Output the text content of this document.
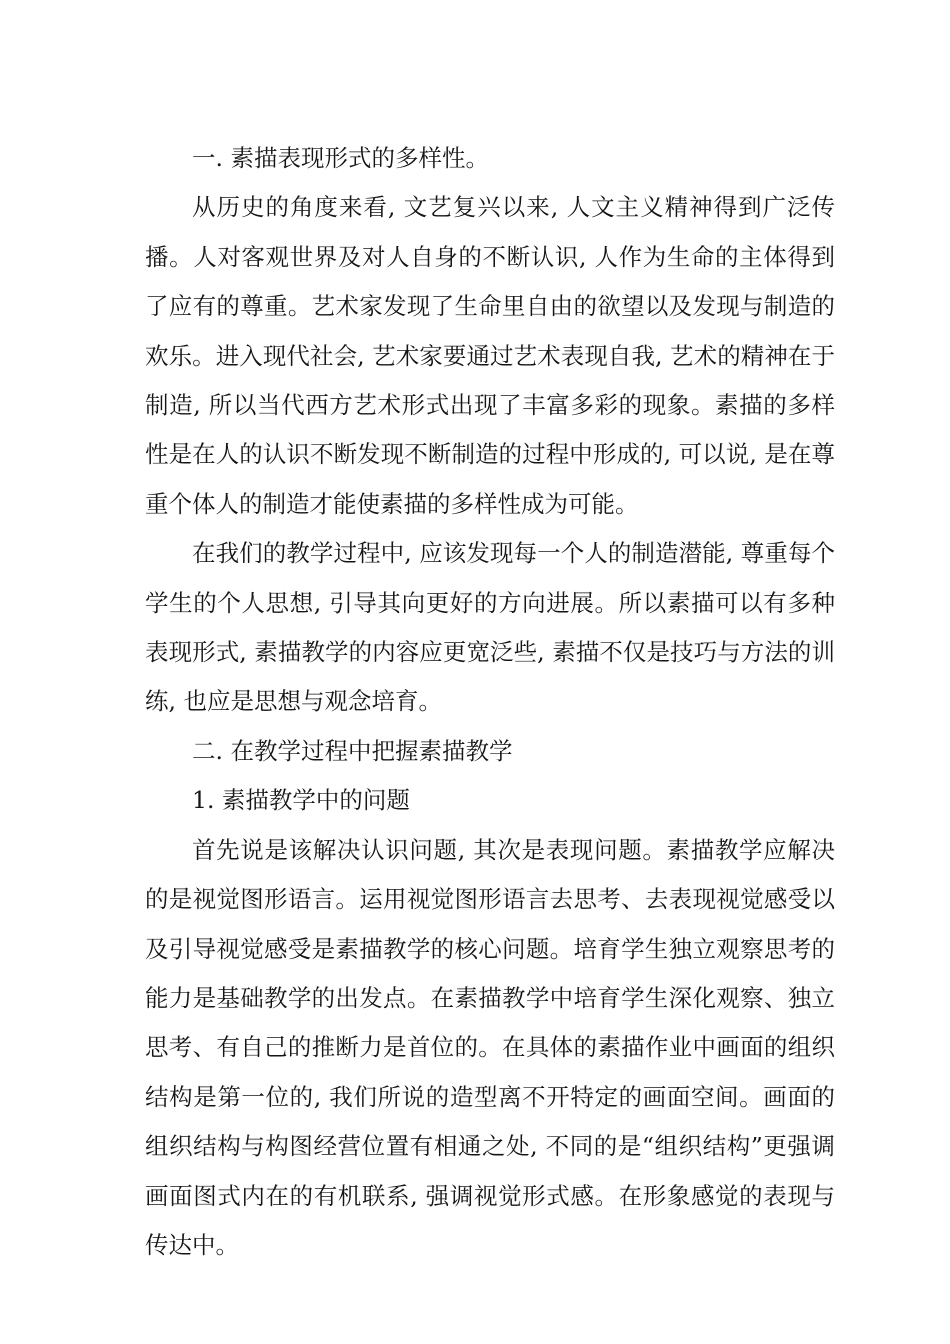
一. 素描表现形式的多样性。

从历史的角度来看, 文艺复兴以来, 人文主义精神得到广泛传播。人对客观世界及对人自身的不断认识, 人作为生命的主体得到了应有的尊重。艺术家发现了生命里自由的欲望以及发现与制造的欢乐。进入现代社会, 艺术家要通过艺术表现自我, 艺术的精神在于制造, 所以当代西方艺术形式出现了丰富多彩的现象。素描的多样性是在人的认识不断发现不断制造的过程中形成的, 可以说, 是在尊重个体人的制造才能使素描的多样性成为可能。

在我们的教学过程中, 应该发现每一个人的制造潜能, 尊重每个学生的个人思想, 引导其向更好的方向进展。所以素描可以有多种表现形式, 素描教学的内容应更宽泛些, 素描不仅是技巧与方法的训练, 也应是思想与观念培育。

二. 在教学过程中把握素描教学

1. 素描教学中的问题

首先说是该解决认识问题, 其次是表现问题。素描教学应解决的是视觉图形语言。运用视觉图形语言去思考、去表现视觉感受以及引导视觉感受是素描教学的核心问题。培育学生独立观察思考的能力是基础教学的出发点。在素描教学中培育学生深化观察、独立思考、有自己的推断力是首位的。在具体的素描作业中画面的组织结构是第一位的, 我们所说的造型离不开特定的画面空间。画面的组织结构与构图经营位置有相通之处, 不同的是“组织结构”更强调画面图式内在的有机联系, 强调视觉形式感。在形象感觉的表现与传达中。
